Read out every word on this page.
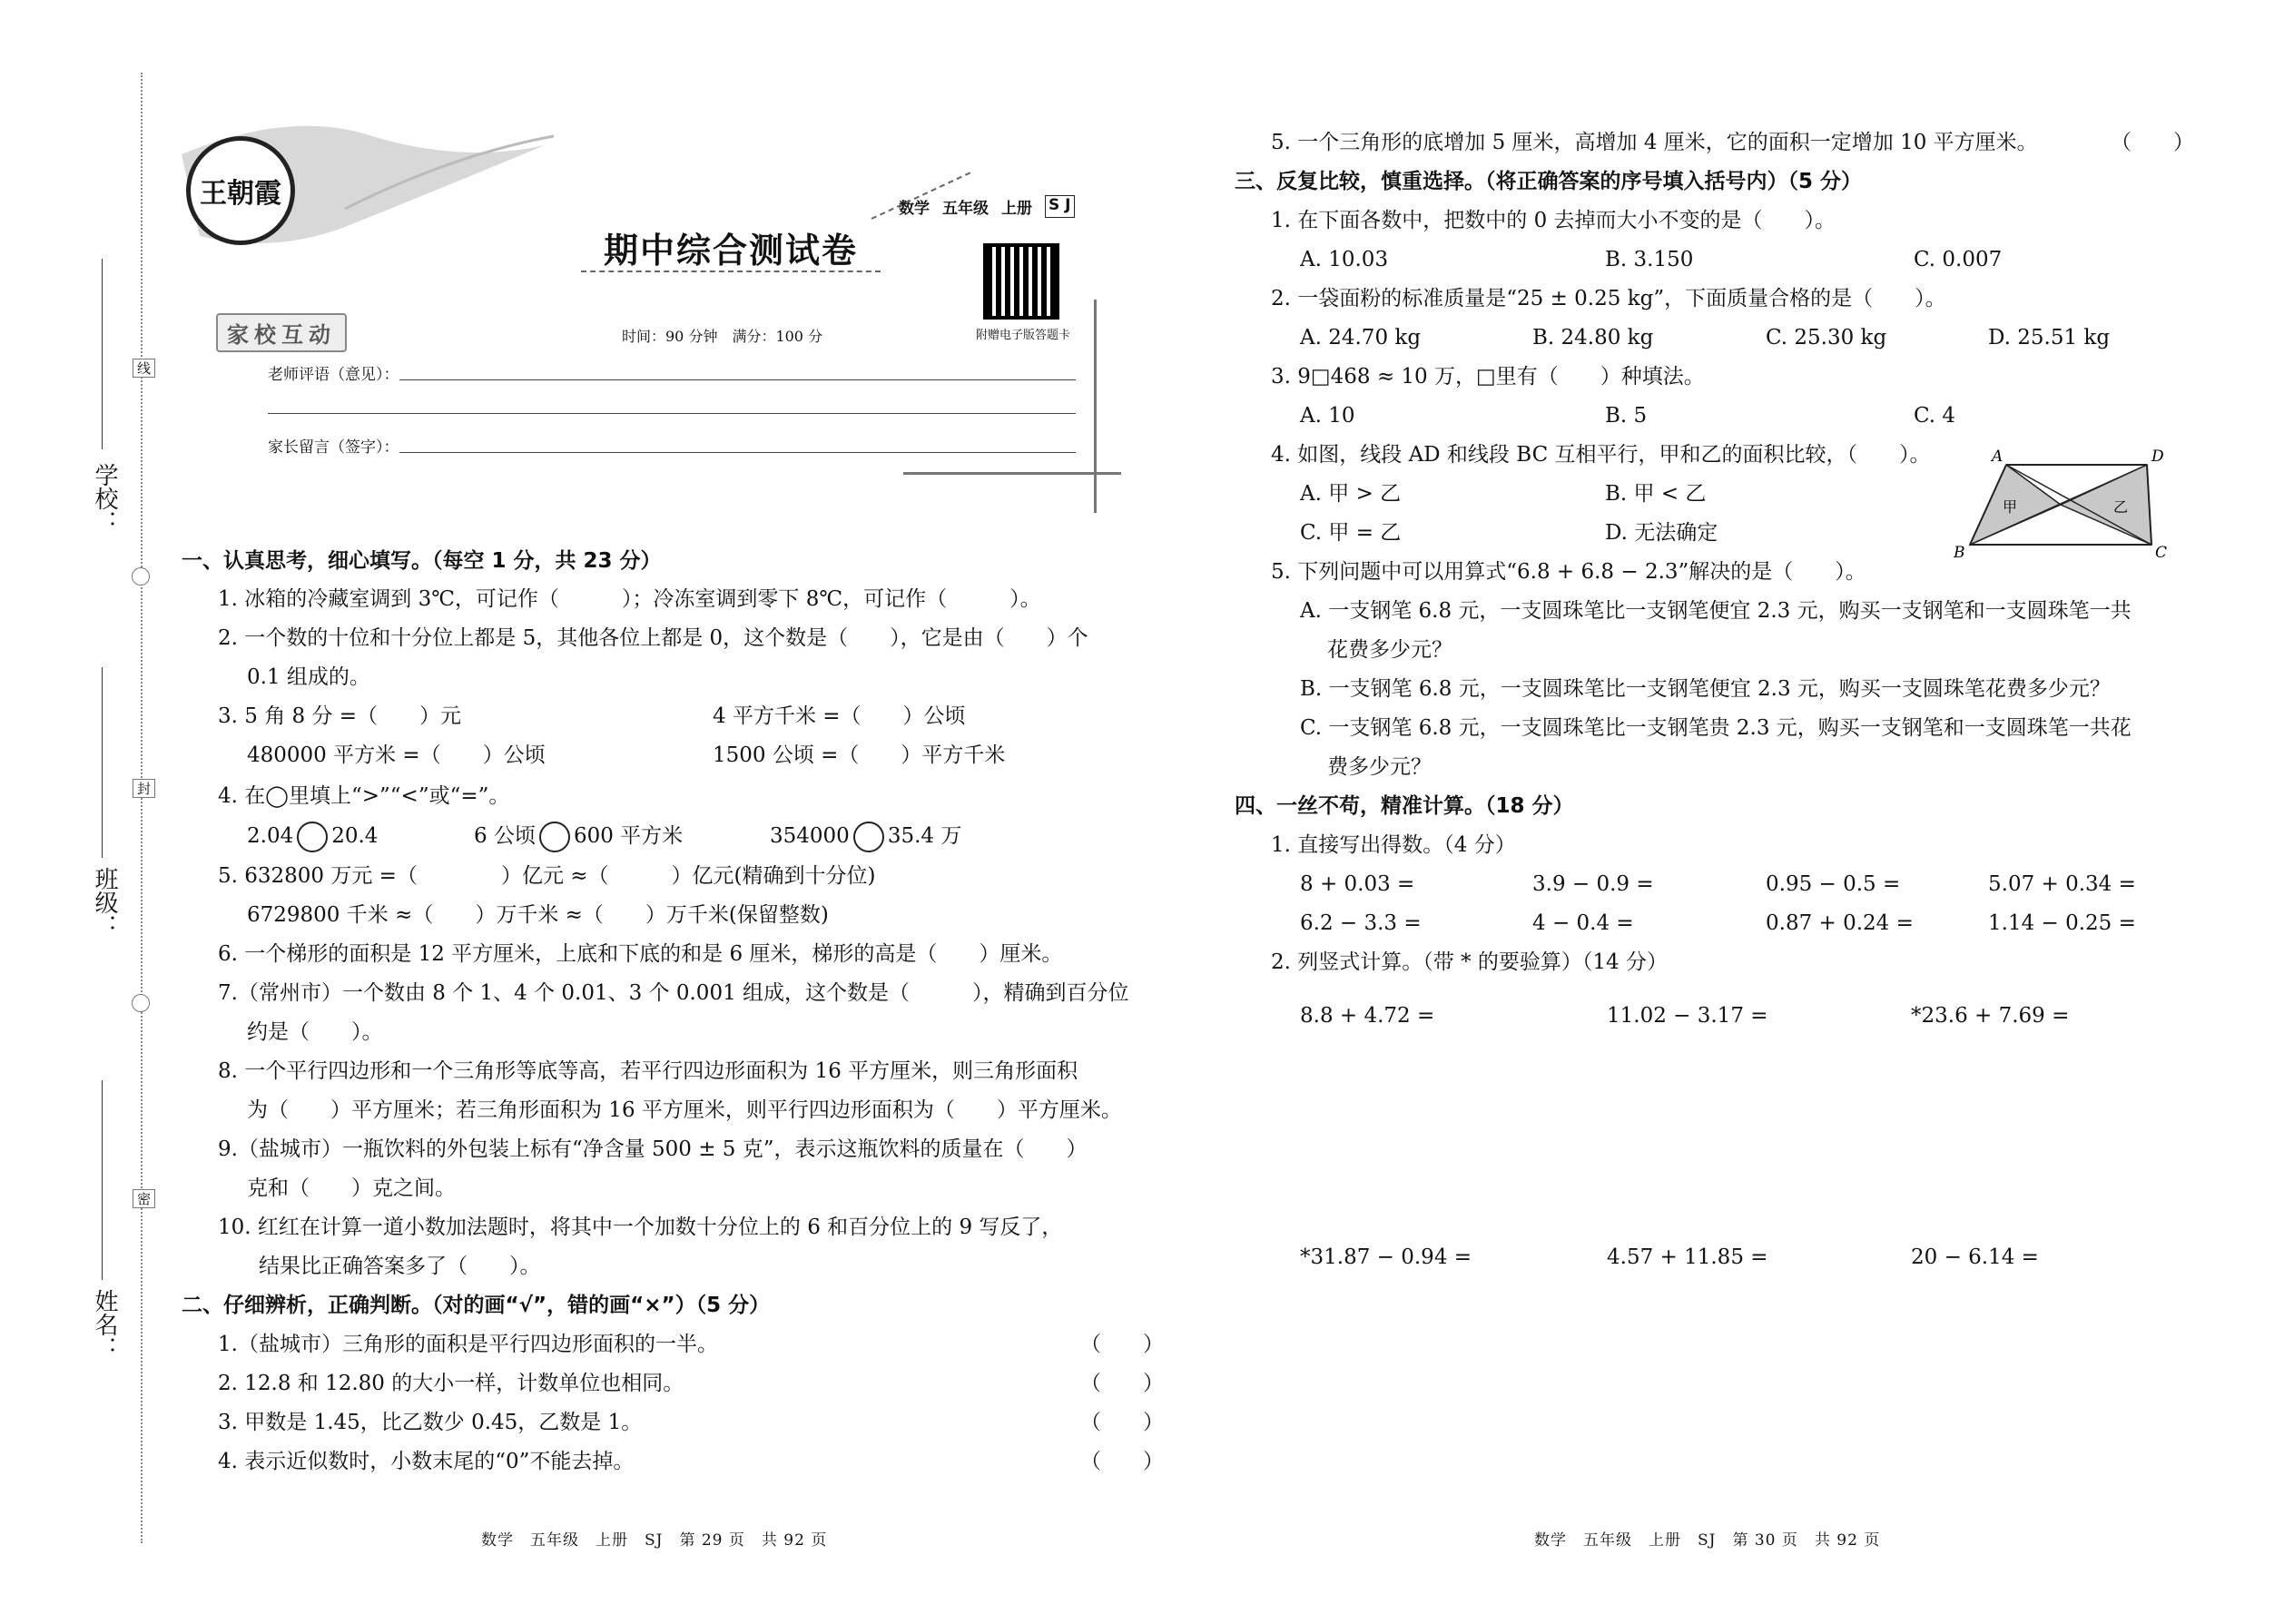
学校：
班级：
姓名：
线
封
密
王朝霞	数学 五年级 上册 S J
期中综合测试卷
附赠电子版答题卡
家校互动	时间：90 分钟　满分：100 分
老师评语（意见）：
家长留言（签字）：
一、认真思考，细心填写。（每空 1 分，共 23 分）
1. 冰箱的冷藏室调到 3℃，可记作（　　　）；冷冻室调到零下 8℃，可记作（　　　）。
2. 一个数的十位和十分位上都是 5，其他各位上都是 0，这个数是（　　），它是由（　　）个
0.1 组成的。
3. 5 角 8 分 =（　　）元	4 平方千米 =（　　）公顷
480000 平方米 =（　　）公顷	1500 公顷 =（　　）平方千米
4. 在◯里填上“>”“<”或“=”。
2.04 20.4	6 公顷 600 平方米	354000 35.4 万
5. 632800 万元 =（　　　　）亿元 ≈（　　　）亿元(精确到十分位)
6729800 千米 ≈（　　）万千米 ≈（　　）万千米(保留整数)
6. 一个梯形的面积是 12 平方厘米，上底和下底的和是 6 厘米，梯形的高是（　　）厘米。
7.（常州市）一个数由 8 个 1、4 个 0.01、3 个 0.001 组成，这个数是（　　　），精确到百分位
约是（　　）。
8. 一个平行四边形和一个三角形等底等高，若平行四边形面积为 16 平方厘米，则三角形面积
为（　　）平方厘米；若三角形面积为 16 平方厘米，则平行四边形面积为（　　）平方厘米。
9.（盐城市）一瓶饮料的外包装上标有“净含量 500 ± 5 克”，表示这瓶饮料的质量在（　　）
克和（　　）克之间。
10. 红红在计算一道小数加法题时，将其中一个加数十分位上的 6 和百分位上的 9 写反了，
结果比正确答案多了（　　）。
二、仔细辨析，正确判断。（对的画“√”，错的画“×”）（5 分）
1.（盐城市）三角形的面积是平行四边形面积的一半。	（　　）
2. 12.8 和 12.80 的大小一样，计数单位也相同。	（　　）
3. 甲数是 1.45，比乙数少 0.45，乙数是 1。	（　　）
4. 表示近似数时，小数末尾的“0”不能去掉。	（　　）
数学　五年级　上册　SJ　第 29 页　共 92 页
5. 一个三角形的底增加 5 厘米，高增加 4 厘米，它的面积一定增加 10 平方厘米。	（　　）
三、反复比较，慎重选择。（将正确答案的序号填入括号内）（5 分）
1. 在下面各数中，把数中的 0 去掉而大小不变的是（　　）。
A. 10.03	B. 3.150	C. 0.007
2. 一袋面粉的标准质量是“25 ± 0.25 kg”，下面质量合格的是（　　）。
A. 24.70 kg	B. 24.80 kg	C. 25.30 kg	D. 25.51 kg
3. 9□468 ≈ 10 万，□里有（　　）种填法。
A. 10	B. 5	C. 4
4. 如图，线段 AD 和线段 BC 互相平行，甲和乙的面积比较，（　　）。
A. 甲 > 乙	B. 甲 < 乙
C. 甲 = 乙	D. 无法确定
A	D
B	C
甲	乙
5. 下列问题中可以用算式“6.8 + 6.8 − 2.3”解决的是（　　）。
A. 一支钢笔 6.8 元，一支圆珠笔比一支钢笔便宜 2.3 元，购买一支钢笔和一支圆珠笔一共
花费多少元？
B. 一支钢笔 6.8 元，一支圆珠笔比一支钢笔便宜 2.3 元，购买一支圆珠笔花费多少元？
C. 一支钢笔 6.8 元，一支圆珠笔比一支钢笔贵 2.3 元，购买一支钢笔和一支圆珠笔一共花
费多少元？
四、一丝不苟，精准计算。（18 分）
1. 直接写出得数。（4 分）
8 + 0.03 =	3.9 − 0.9 =	0.95 − 0.5 =	5.07 + 0.34 =
6.2 − 3.3 =	4 − 0.4 =	0.87 + 0.24 =	1.14 − 0.25 =
2. 列竖式计算。（带 * 的要验算）（14 分）
8.8 + 4.72 =	11.02 − 3.17 =	*23.6 + 7.69 =
*31.87 − 0.94 =	4.57 + 11.85 =	20 − 6.14 =
数学　五年级　上册　SJ　第 30 页　共 92 页
